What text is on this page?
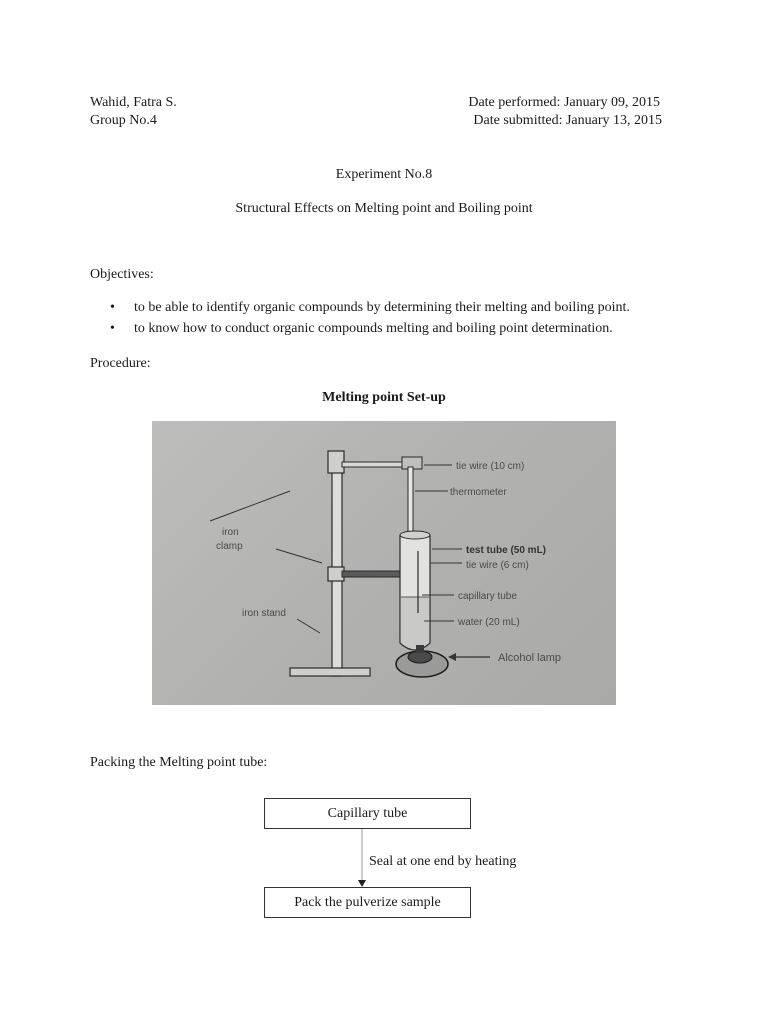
Wahid, Fatra S.
Group No.4
Date performed: January 09, 2015
Date submitted: January 13, 2015
Experiment No.8
Structural Effects on Melting point and Boiling point
Objectives:
• to be able to identify organic compounds by determining their melting and boiling point.
• to know how to conduct organic compounds melting and boiling point determination.
Procedure:
Melting point Set-up
tie wire (10 cm)
thermometer
iron
clamp	test tube (50 mL)
tie wire (6 cm)
capillary tube
iron stand
water (20 mL)
Alcohol lamp
Packing the Melting point tube:
Capillary tube
Seal at one end by heating
Pack the pulverize sample
